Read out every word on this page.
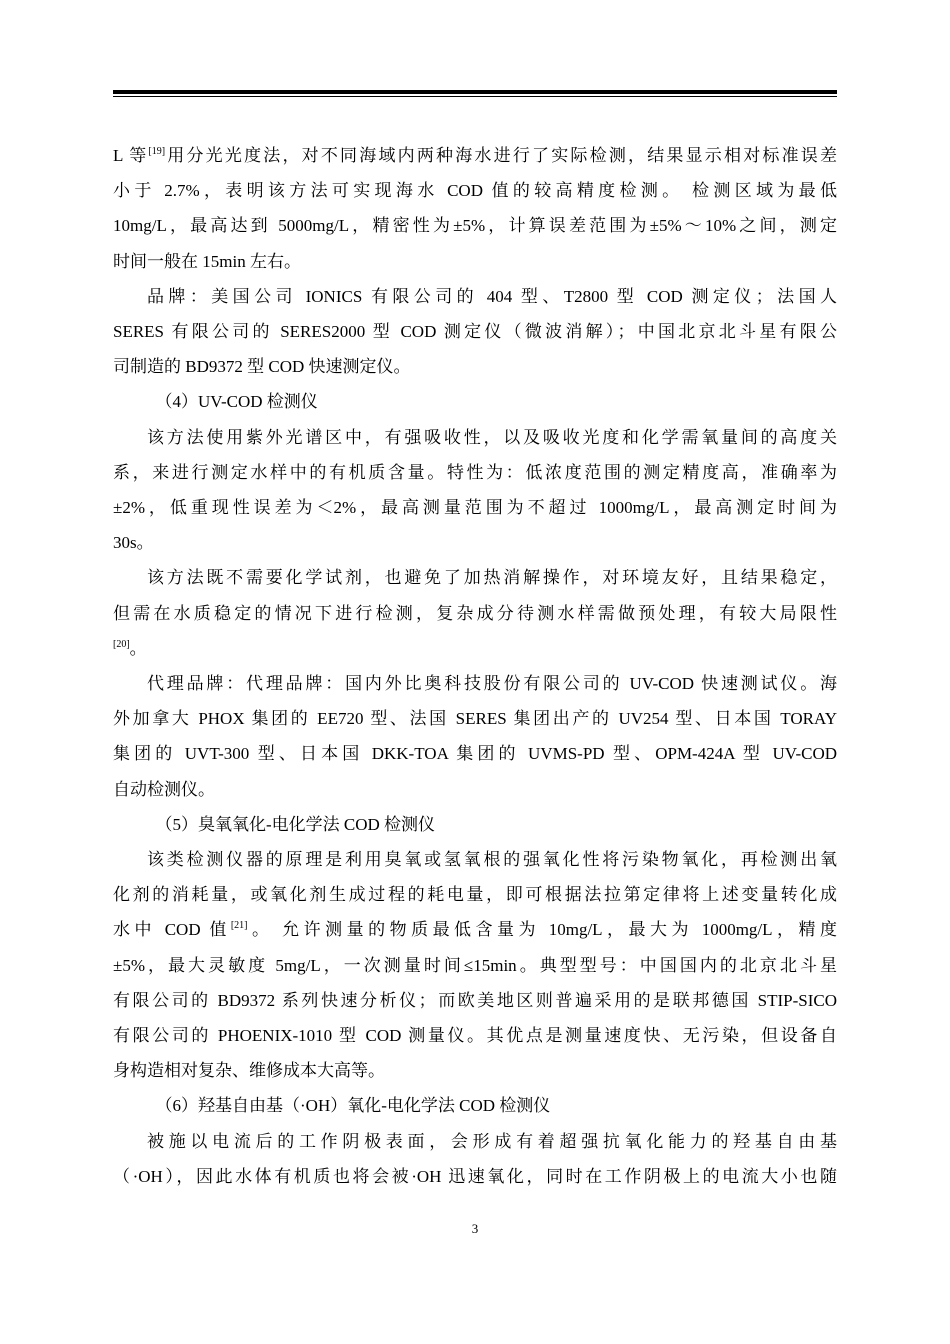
L 等[19]用分光光度法，对不同海域内两种海水进行了实际检测，结果显示相对标准误差
小于 2.7%，表明该方法可实现海水 COD 值的较高精度检测。 检测区域为最低
10mg/L，最高达到 5000mg/L，精密性为±5%，计算误差范围为±5%～10%之间，测定
时间一般在 15min 左右。

品牌：美国公司 IONICS 有限公司的 404 型、T2800 型 COD 测定仪；法国人
SERES 有限公司的 SERES2000 型 COD 测定仪（微波消解）；中国北京北斗星有限公
司制造的 BD9372 型 COD 快速测定仪。

（4）UV-COD 检测仪

该方法使用紫外光谱区中，有强吸收性，以及吸收光度和化学需氧量间的高度关
系，来进行测定水样中的有机质含量。特性为：低浓度范围的测定精度高，准确率为
±2%，低重现性误差为＜2%，最高测量范围为不超过 1000mg/L，最高测定时间为
30s。

该方法既不需要化学试剂，也避免了加热消解操作，对环境友好，且结果稳定，
但需在水质稳定的情况下进行检测，复杂成分待测水样需做预处理，有较大局限性
[20]。

代理品牌：代理品牌：国内外比奥科技股份有限公司的 UV-COD 快速测试仪。海
外加拿大 PHOX 集团的 EE720 型、法国 SERES 集团出产的 UV254 型、日本国 TORAY
集团的 UVT-300 型、日本国 DKK-TOA 集团的 UVMS-PD 型、OPM-424A 型 UV-COD
自动检测仪。

（5）臭氧氧化-电化学法 COD 检测仪

该类检测仪器的原理是利用臭氧或氢氧根的强氧化性将污染物氧化，再检测出氧
化剂的消耗量，或氧化剂生成过程的耗电量，即可根据法拉第定律将上述变量转化成
水中 COD 值[21]。 允许测量的物质最低含量为 10mg/L，最大为 1000mg/L，精度
±5%，最大灵敏度 5mg/L，一次测量时间≤15min。典型型号：中国国内的北京北斗星
有限公司的 BD9372 系列快速分析仪；而欧美地区则普遍采用的是联邦德国 STIP-SICO
有限公司的 PHOENIX-1010 型 COD 测量仪。其优点是测量速度快、无污染，但设备自
身构造相对复杂、维修成本大高等。

（6）羟基自由基（·OH）氧化-电化学法 COD 检测仪

被施以电流后的工作阴极表面，会形成有着超强抗氧化能力的羟基自由基
（·OH），因此水体有机质也将会被·OH 迅速氧化，同时在工作阴极上的电流大小也随

3
